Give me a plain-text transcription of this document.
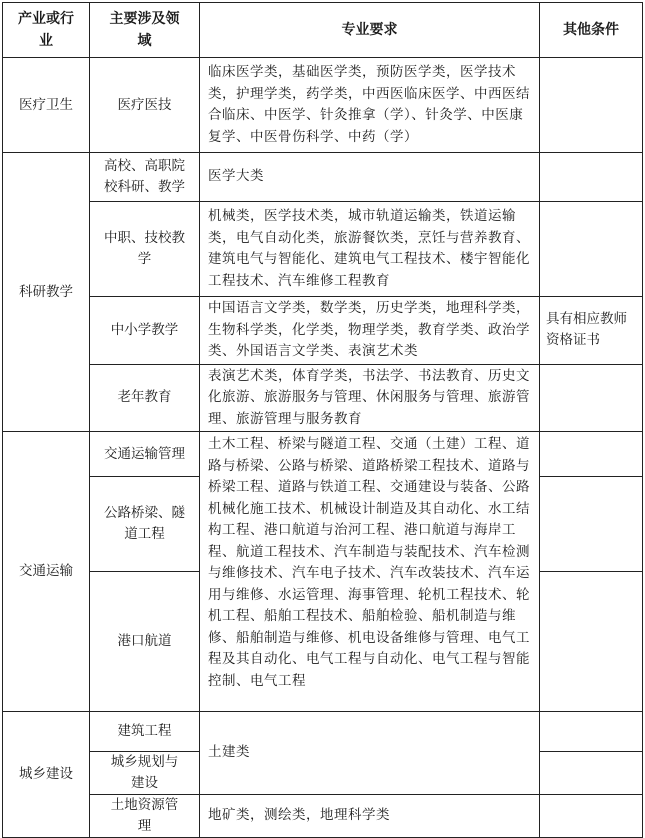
产业或行业	主要涉及领域	专业要求	其他条件
医疗卫生	医疗医技	临床医学类，基础医学类，预防医学类，医学技术类，护理学类，药学类，中西医临床医学、中西医结合临床、中医学、针灸推拿（学）、针灸学、中医康复学、中医骨伤科学、中药（学）	
科研教学	高校、高职院校科研、教学	医学大类	
	中职、技校教学	机械类，医学技术类，城市轨道运输类，铁道运输类，电气自动化类，旅游餐饮类，烹饪与营养教育、建筑电气与智能化、建筑电气工程技术、楼宇智能化工程技术、汽车维修工程教育	
	中小学教学	中国语言文学类，数学类，历史学类，地理科学类，生物科学类，化学类，物理学类，教育学类、政治学类、外国语言文学类、表演艺术类	具有相应教师资格证书
	老年教育	表演艺术类，体育学类，书法学、书法教育、历史文化旅游、旅游服务与管理、休闲服务与管理、旅游管理、旅游管理与服务教育	
交通运输	交通运输管理	土木工程、桥梁与隧道工程、交通（土建）工程、道路与桥梁、公路与桥梁、道路桥梁工程技术、道路与桥梁工程、道路与铁道工程、交通建设与装备、公路机械化施工技术、机械设计制造及其自动化、水工结构工程、港口航道与治河工程、港口航道与海岸工程、航道工程技术、汽车制造与装配技术、汽车检测与维修技术、汽车电子技术、汽车改装技术、汽车运用与维修、水运管理、海事管理、轮机工程技术、轮机工程、船舶工程技术、船舶检验、船机制造与维修、船舶制造与维修、机电设备维修与管理、电气工程及其自动化、电气工程与自动化、电气工程与智能控制、电气工程	
	公路桥梁、隧道工程		
	港口航道		
城乡建设	建筑工程	土建类	
	城乡规划与建设		
	土地资源管理	地矿类，测绘类，地理科学类	
